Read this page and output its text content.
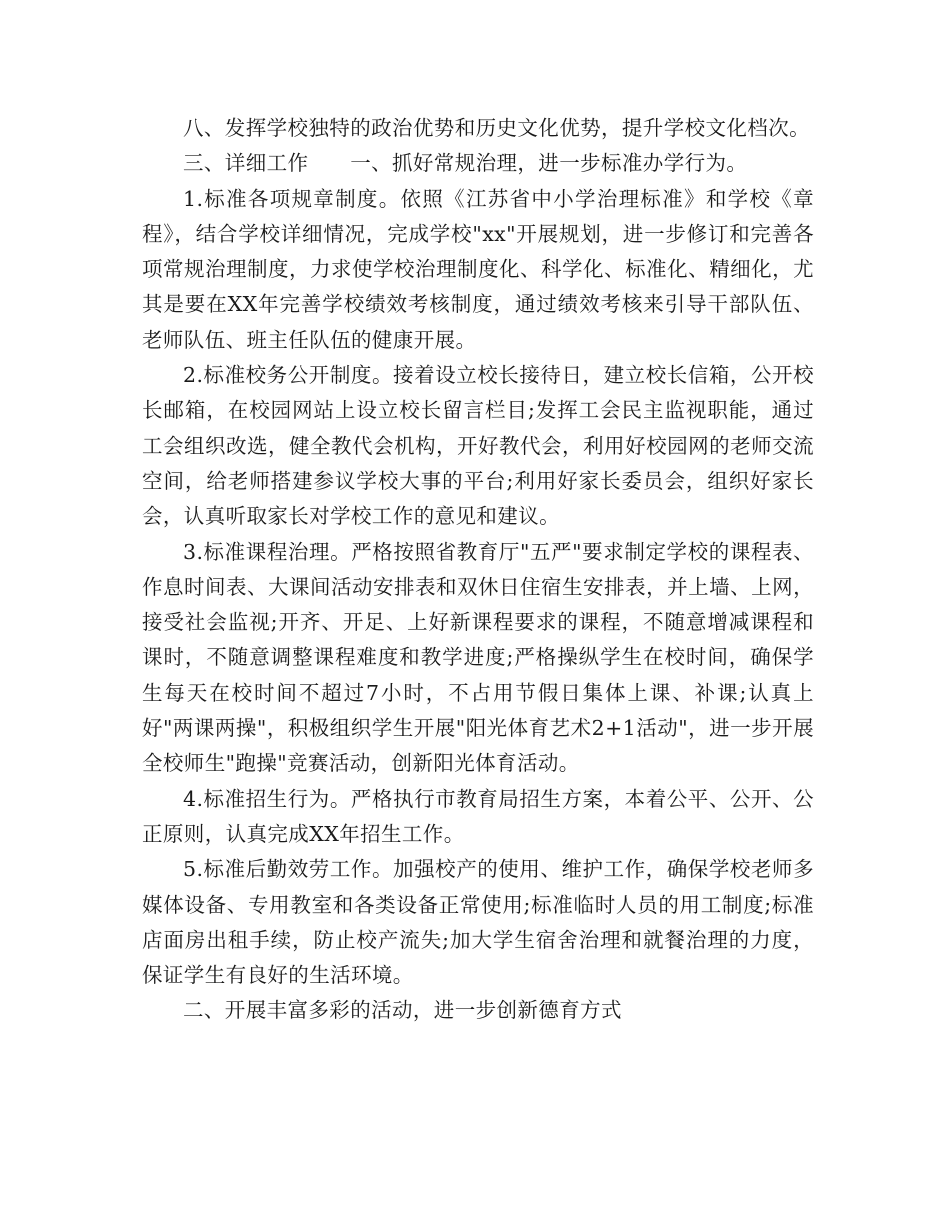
八、发挥学校独特的政治优势和历史文化优势，提升学校文化档次。

三、详细工作　　一、抓好常规治理，进一步标准办学行为。

1.标准各项规章制度。依照《江苏省中小学治理标准》和学校《章程》，结合学校详细情况，完成学校"xx"开展规划，进一步修订和完善各项常规治理制度，力求使学校治理制度化、科学化、标准化、精细化，尤其是要在XX年完善学校绩效考核制度，通过绩效考核来引导干部队伍、老师队伍、班主任队伍的健康开展。

2.标准校务公开制度。接着设立校长接待日，建立校长信箱，公开校长邮箱，在校园网站上设立校长留言栏目;发挥工会民主监视职能，通过工会组织改选，健全教代会机构，开好教代会，利用好校园网的老师交流空间，给老师搭建参议学校大事的平台;利用好家长委员会，组织好家长会，认真听取家长对学校工作的意见和建议。

3.标准课程治理。严格按照省教育厅"五严"要求制定学校的课程表、作息时间表、大课间活动安排表和双休日住宿生安排表，并上墙、上网，接受社会监视;开齐、开足、上好新课程要求的课程，不随意增减课程和课时，不随意调整课程难度和教学进度;严格操纵学生在校时间，确保学生每天在校时间不超过7小时，不占用节假日集体上课、补课;认真上好"两课两操"，积极组织学生开展"阳光体育艺术2+1活动"，进一步开展全校师生"跑操"竞赛活动，创新阳光体育活动。

4.标准招生行为。严格执行市教育局招生方案，本着公平、公开、公正原则，认真完成XX年招生工作。

5.标准后勤效劳工作。加强校产的使用、维护工作，确保学校老师多媒体设备、专用教室和各类设备正常使用;标准临时人员的用工制度;标准店面房出租手续，防止校产流失;加大学生宿舍治理和就餐治理的力度，保证学生有良好的生活环境。

二、开展丰富多彩的活动，进一步创新德育方式
